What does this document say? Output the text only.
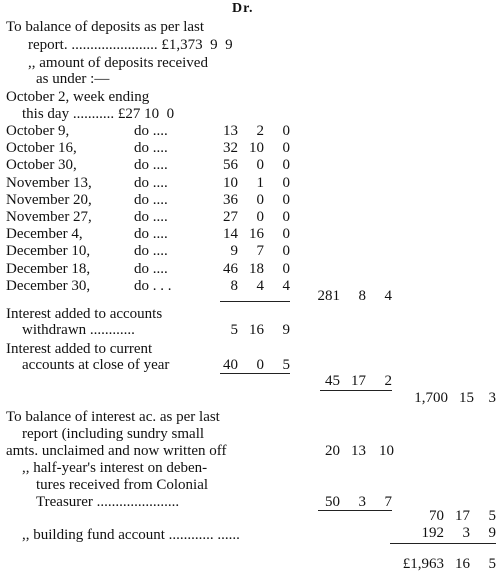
Dr.
To balance of deposits as per last
report. ....................... £1,373  9  9
,, amount of deposits received
as under :—
October 2, week ending
this day ........... £27 10  0
October 9,	do ....	13	2	0
October 16,	do ....	32 10	0
October 30,	do ....	56	0	0
November 13,	do ....	10	1	0
November 20,	do ....	36	0	0
November 27,	do ....	27	0	0
December 4,	do ....	14 16	0
December 10,	do ....	9	7	0
December 18,	do ....	46 18	0
December 30,	do . . .	8	4	4
281	8	4
Interest added to accounts
withdrawn ............	5 16	9
Interest added to current
accounts at close of year	40	0	5
45 17	2
1,700 15 3
To balance of interest ac. as per last
report (including sundry small
amts. unclaimed and now written off	20 13 10
,, half-year's interest on deben-
tures received from Colonial
Treasurer ......................	50	3	7
70 17	5
,, building fund account ............ ......	192	3	9
£1,963 16	5
